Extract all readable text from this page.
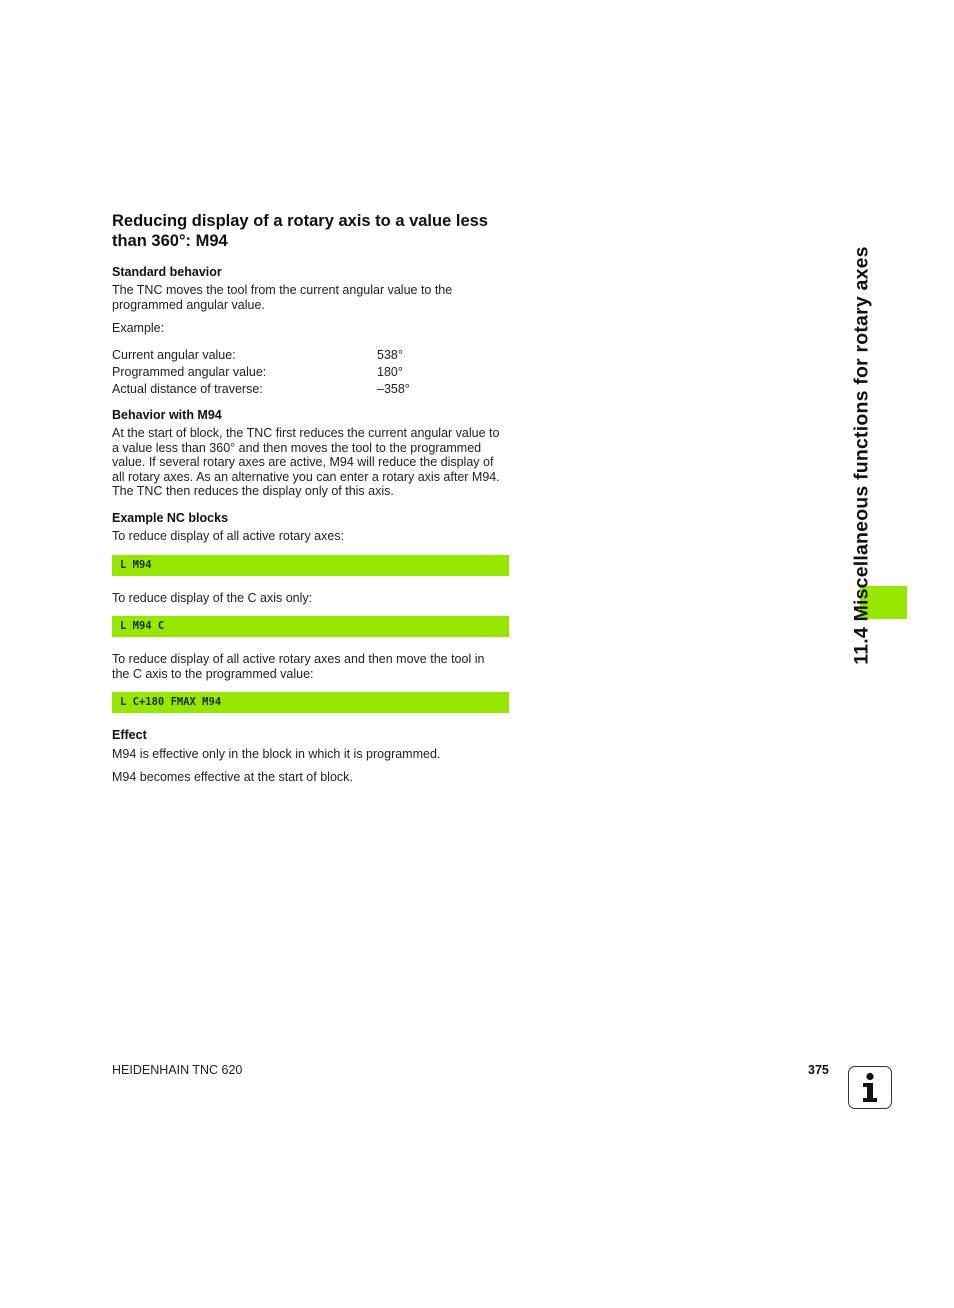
Reducing display of a rotary axis to a value less
than 360°: M94
Standard behavior
The TNC moves the tool from the current angular value to the
programmed angular value.
Example:
Current angular value:	538°
Programmed angular value:	180°
Actual distance of traverse:	–358°
Behavior with M94
At the start of block, the TNC first reduces the current angular value to
a value less than 360° and then moves the tool to the programmed
value. If several rotary axes are active, M94 will reduce the display of
all rotary axes. As an alternative you can enter a rotary axis after M94.
The TNC then reduces the display only of this axis.
Example NC blocks
To reduce display of all active rotary axes:
L M94
To reduce display of the C axis only:
L M94 C
To reduce display of all active rotary axes and then move the tool in
the C axis to the programmed value:
L C+180 FMAX M94
Effect
M94 is effective only in the block in which it is programmed.
M94 becomes effective at the start of block.
11.4 Miscellaneous functions for rotary axes
HEIDENHAIN TNC 620	375
